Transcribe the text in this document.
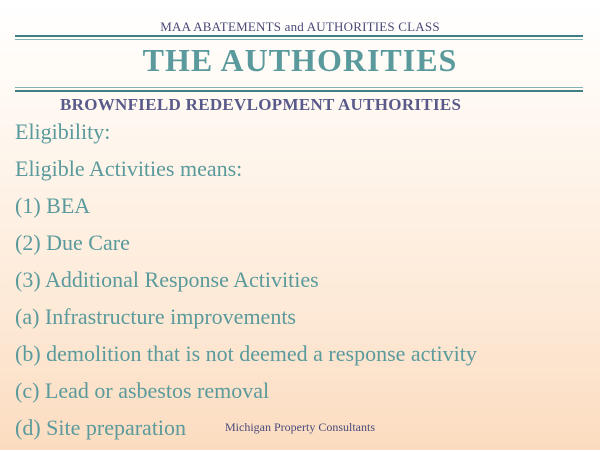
MAA ABATEMENTS and AUTHORITIES CLASS
THE AUTHORITIES
BROWNFIELD REDEVLOPMENT AUTHORITIES
Eligibility:
Eligible Activities means:
(1) BEA
(2) Due Care
(3) Additional Response Activities
(a) Infrastructure improvements
(b) demolition that is not deemed a response activity
(c) Lead or asbestos removal
(d) Site preparation	Michigan Property Consultants
